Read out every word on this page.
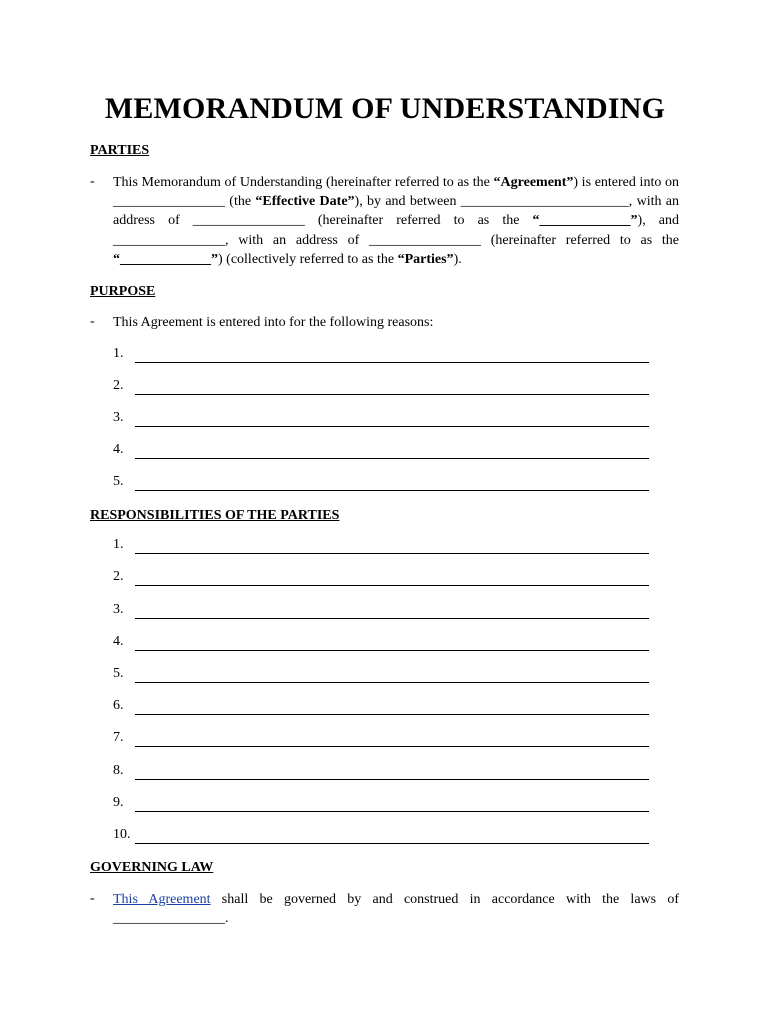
MEMORANDUM OF UNDERSTANDING
PARTIES
- This Memorandum of Understanding (hereinafter referred to as the “Agreement”) is entered into on ________________ (the “Effective Date”), by and between ________________________, with an address of ________________ (hereinafter referred to as the “_____________”), and ________________, with an address of ________________ (hereinafter referred to as the “_____________”) (collectively referred to as the “Parties”).

PURPOSE
- This Agreement is entered into for the following reasons:

1.
2.
3.
4.
5.
RESPONSIBILITIES OF THE PARTIES
1.
2.
3.
4.
5.
6.
7.
8.
9.
10.
GOVERNING LAW
- This Agreement shall be governed by and construed in accordance with the laws of ________________.
